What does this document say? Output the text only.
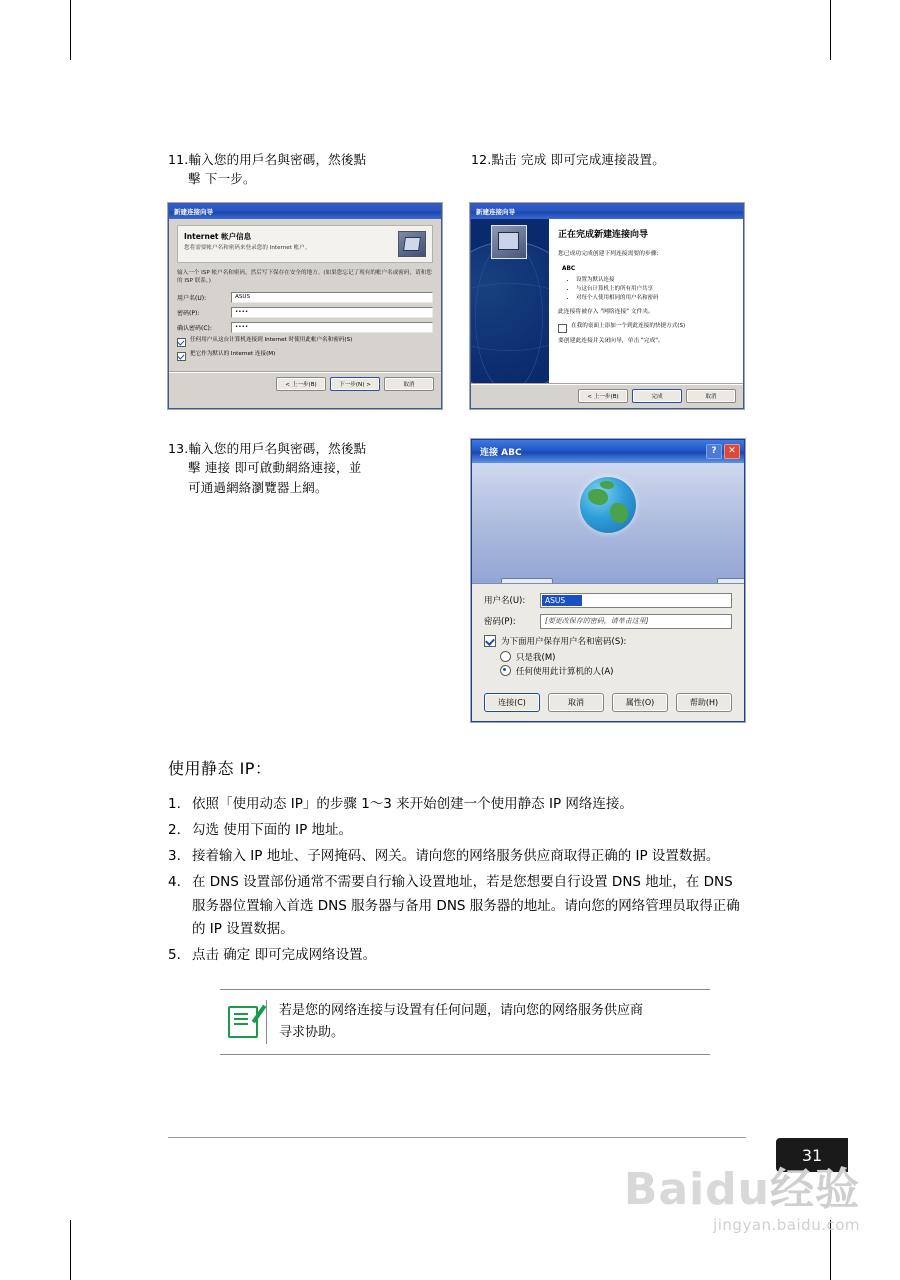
11.輸入您的用戶名與密碼，然後點
擊 下一步。
12.點击 完成 即可完成連接設置。
新建连接向导
Internet 帐户信息

您将需要帐户名和密码来登录您的 Internet 帐户。

输入一个 ISP 帐户名和密码，然后写下保存在安全的地方。(如果您忘记了现有的帐户名或密码，请和您的 ISP 联系。)
用户名(U):	ASUS
密码(P):	••••
确认密码(C):	••••
任何用户从这台计算机连接到 Internet 时使用此帐户名和密码(S)
把它作为默认的 Internet 连接(M)
< 上一步(B)	下一步(N) >	取消
新建连接向导
正在完成新建连接向导

您已成功完成创建下列连接需要的步骤:

ABC
• 设置为默认连接
• 与这台计算机上的所有用户共享
• 对每个人使用相同的用户名和密码

此连接将被存入 "网络连接" 文件夹。

在我的桌面上添加一个到此连接的快捷方式(S)

要创建此连接并关闭向导，单击 "完成"。

< 上一步(B)	完成	取消
13.輸入您的用戶名與密碼，然後點
擊 連接 即可啟動網絡連接，並
可通過網絡瀏覽器上網。
连接 ABC	?	✕
用户名(U):	ASUS
密码(P):	[要更改保存的密码，请单击这里]
为下面用户保存用户名和密码(S):
只是我(M)
任何使用此计算机的人(A)
连接(C)	取消	属性(O)	帮助(H)
使用静态 IP：
1. 依照「使用动态 IP」的步骤 1～3 来开始创建一个使用静态 IP 网络连接。
2. 勾选 使用下面的 IP 地址。
3. 接着输入 IP 地址、子网掩码、网关。请向您的网络服务供应商取得正确的 IP 设置数据。
4. 在 DNS 设置部份通常不需要自行输入设置地址，若是您想要自行设置 DNS 地址，在 DNS 服务器位置输入首选 DNS 服务器与备用 DNS 服务器的地址。请向您的网络管理员取得正确的 IP 设置数据。
5. 点击 确定 即可完成网络设置。
若是您的网络连接与设置有任何问题，请向您的网络服务供应商
寻求协助。
31
Baidu经验
jingyan.baidu.com
